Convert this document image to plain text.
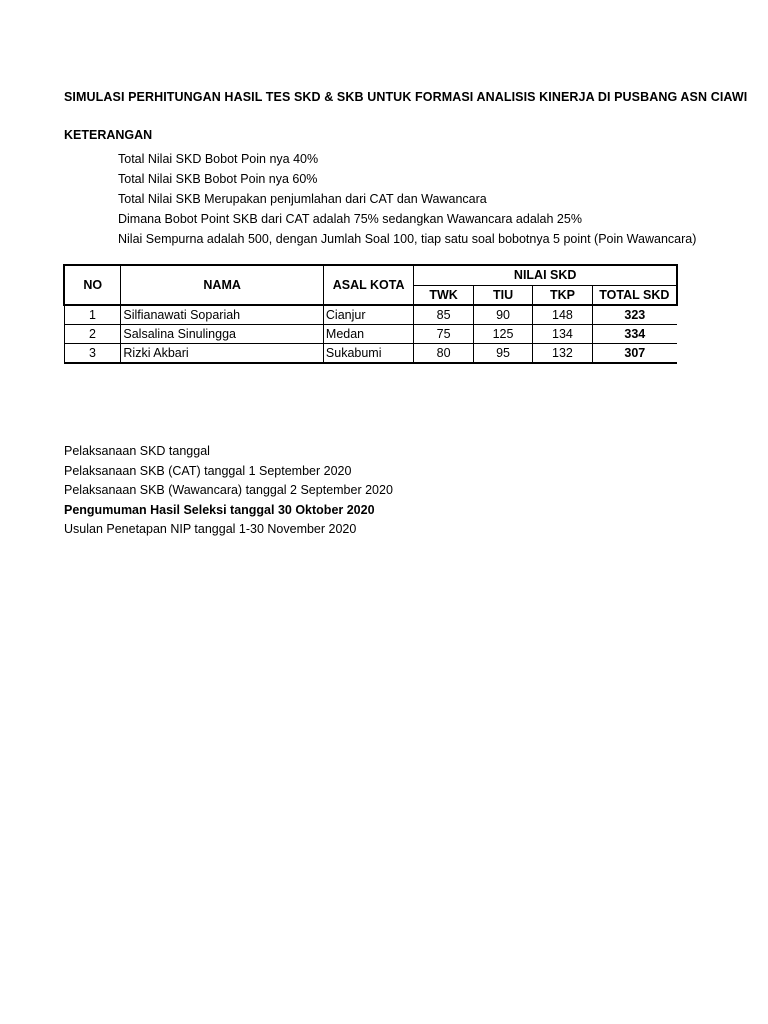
SIMULASI PERHITUNGAN HASIL TES SKD & SKB UNTUK FORMASI ANALISIS KINERJA DI PUSBANG ASN CIAWI
KETERANGAN
Total Nilai SKD Bobot Poin nya 40%
Total Nilai SKB Bobot Poin nya 60%
Total Nilai SKB Merupakan penjumlahan dari CAT dan Wawancara
Dimana Bobot Point SKB dari CAT adalah 75% sedangkan Wawancara adalah 25%
Nilai Sempurna adalah 500, dengan Jumlah Soal 100, tiap satu soal bobotnya 5 point (Poin Wawancara)
NO	NAMA	ASAL KOTA	NILAI SKD			
			TWK	TIU	TKP	TOTAL SKD
1	Silfianawati Sopariah	Cianjur	85	90	148	323
2	Salsalina Sinulingga	Medan	75	125	134	334
3	Rizki Akbari	Sukabumi	80	95	132	307
Pelaksanaan SKD tanggal
Pelaksanaan SKB (CAT) tanggal 1 September 2020
Pelaksanaan SKB (Wawancara) tanggal 2 September 2020
Pengumuman Hasil Seleksi tanggal 30 Oktober 2020
Usulan Penetapan NIP tanggal 1-30 November 2020
